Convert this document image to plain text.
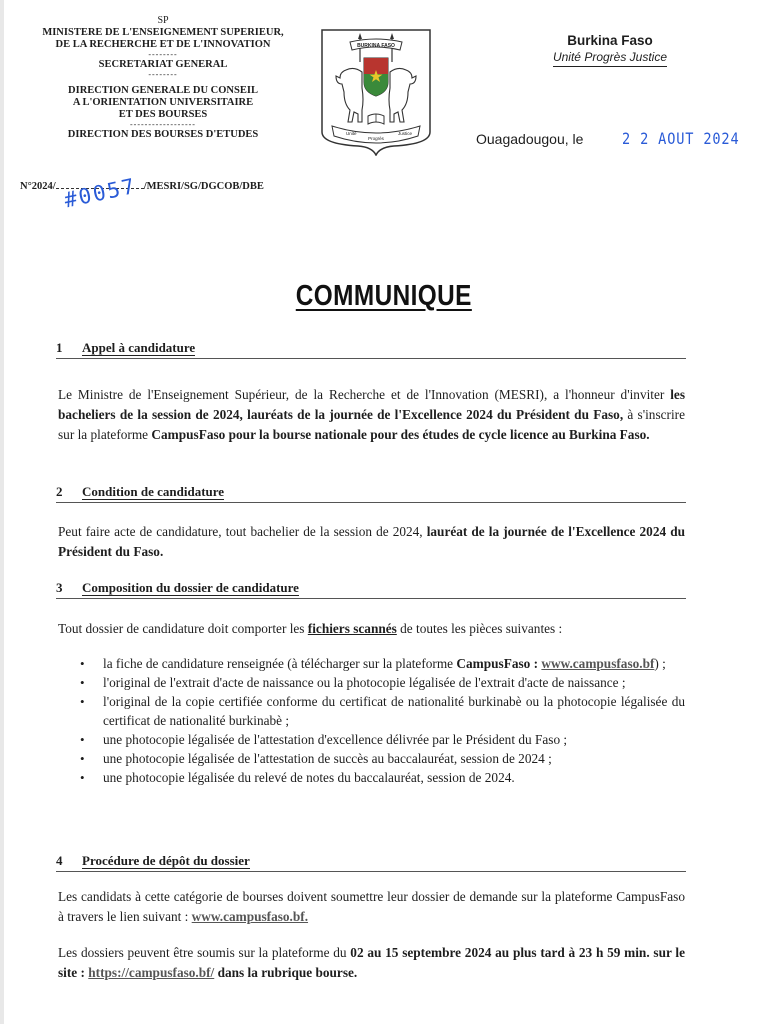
SP
MINISTERE DE L'ENSEIGNEMENT SUPERIEUR,
DE LA RECHERCHE ET DE L'INNOVATION
--------
SECRETARIAT GENERAL
--------
DIRECTION GENERALE DU CONSEIL
A L'ORIENTATION UNIVERSITAIRE
ET DES BOURSES
------------------
DIRECTION DES BOURSES D'ETUDES
BURKINA FASO
Unité
Progrès
Justice
Burkina Faso
Unité Progrès Justice
Ouagadougou, le 2 2 AOUT 2024
N°2024/	/MESRI/SG/DGCOB/DBE
#0057
COMMUNIQUE
1 Appel à candidature
Le Ministre de l'Enseignement Supérieur, de la Recherche et de l'Innovation (MESRI), a l'honneur d'inviter les bacheliers de la session de 2024, lauréats de la journée de l'Excellence 2024 du Président du Faso, à s'inscrire sur la plateforme CampusFaso pour la bourse nationale pour des études de cycle licence au Burkina Faso.
2 Condition de candidature
Peut faire acte de candidature, tout bachelier de la session de 2024, lauréat de la journée de l'Excellence 2024 du Président du Faso.
3 Composition du dossier de candidature
Tout dossier de candidature doit comporter les fichiers scannés de toutes les pièces suivantes :
• la fiche de candidature renseignée (à télécharger sur la plateforme CampusFaso : www.campusfaso.bf) ;
• l'original de l'extrait d'acte de naissance ou la photocopie légalisée de l'extrait d'acte de naissance ;
• l'original de la copie certifiée conforme du certificat de nationalité burkinabè ou la photocopie légalisée du certificat de nationalité burkinabè ;
• une photocopie légalisée de l'attestation d'excellence délivrée par le Président du Faso ;
• une photocopie légalisée de l'attestation de succès au baccalauréat, session de 2024 ;
• une photocopie légalisée du relevé de notes du baccalauréat, session de 2024.
4 Procédure de dépôt du dossier
Les candidats à cette catégorie de bourses doivent soumettre leur dossier de demande sur la plateforme CampusFaso à travers le lien suivant : www.campusfaso.bf.
Les dossiers peuvent être soumis sur la plateforme du 02 au 15 septembre 2024 au plus tard à 23 h 59 min. sur le site : https://campusfaso.bf/ dans la rubrique bourse.
